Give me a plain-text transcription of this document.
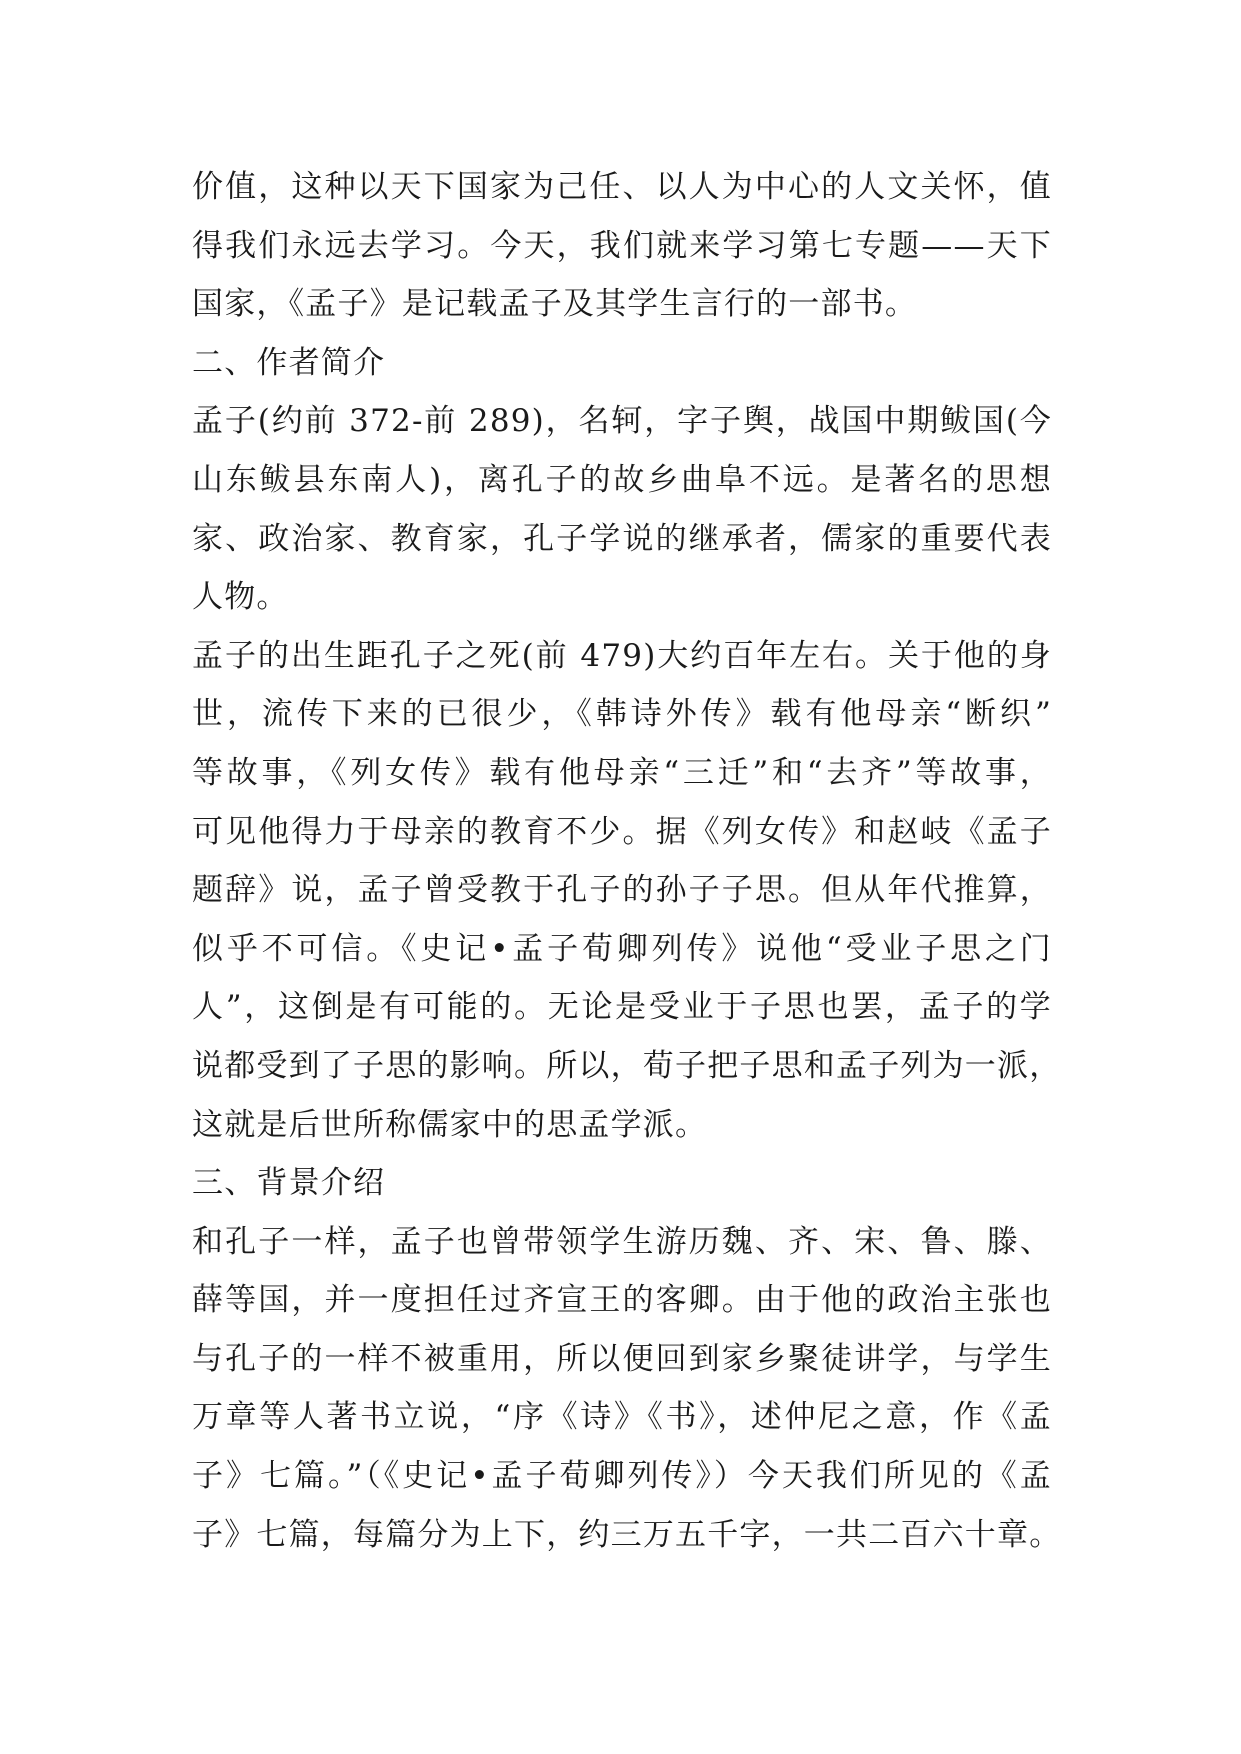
价值，这种以天下国家为己任、以人为中心的人文关怀，值
得我们永远去学习。今天，我们就来学习第七专题——天下
国家，《孟子》是记载孟子及其学生言行的一部书。
二、作者简介
孟子(约前 372-前 289)，名轲，字子舆，战国中期鲅国(今
山东鲅县东南人)，离孔子的故乡曲阜不远。是著名的思想
家、政治家、教育家，孔子学说的继承者，儒家的重要代表
人物。
孟子的出生距孔子之死(前 479)大约百年左右。关于他的身
世，流传下来的已很少，《韩诗外传》载有他母亲“断织”
等故事，《列女传》载有他母亲“三迁”和“去齐”等故事，
可见他得力于母亲的教育不少。据《列女传》和赵岐《孟子
题辞》说，孟子曾受教于孔子的孙子子思。但从年代推算，
似乎不可信。《史记•孟子荀卿列传》说他“受业子思之门
人”，这倒是有可能的。无论是受业于子思也罢，孟子的学
说都受到了子思的影响。所以，荀子把子思和孟子列为一派，
这就是后世所称儒家中的思孟学派。
三、背景介绍
和孔子一样，孟子也曾带领学生游历魏、齐、宋、鲁、滕、
薛等国，并一度担任过齐宣王的客卿。由于他的政治主张也
与孔子的一样不被重用，所以便回到家乡聚徒讲学，与学生
万章等人著书立说，“序《诗》《书》，述仲尼之意，作《孟
子》七篇。”（《史记•孟子荀卿列传》）今天我们所见的《孟
子》七篇，每篇分为上下，约三万五千字，一共二百六十章。
